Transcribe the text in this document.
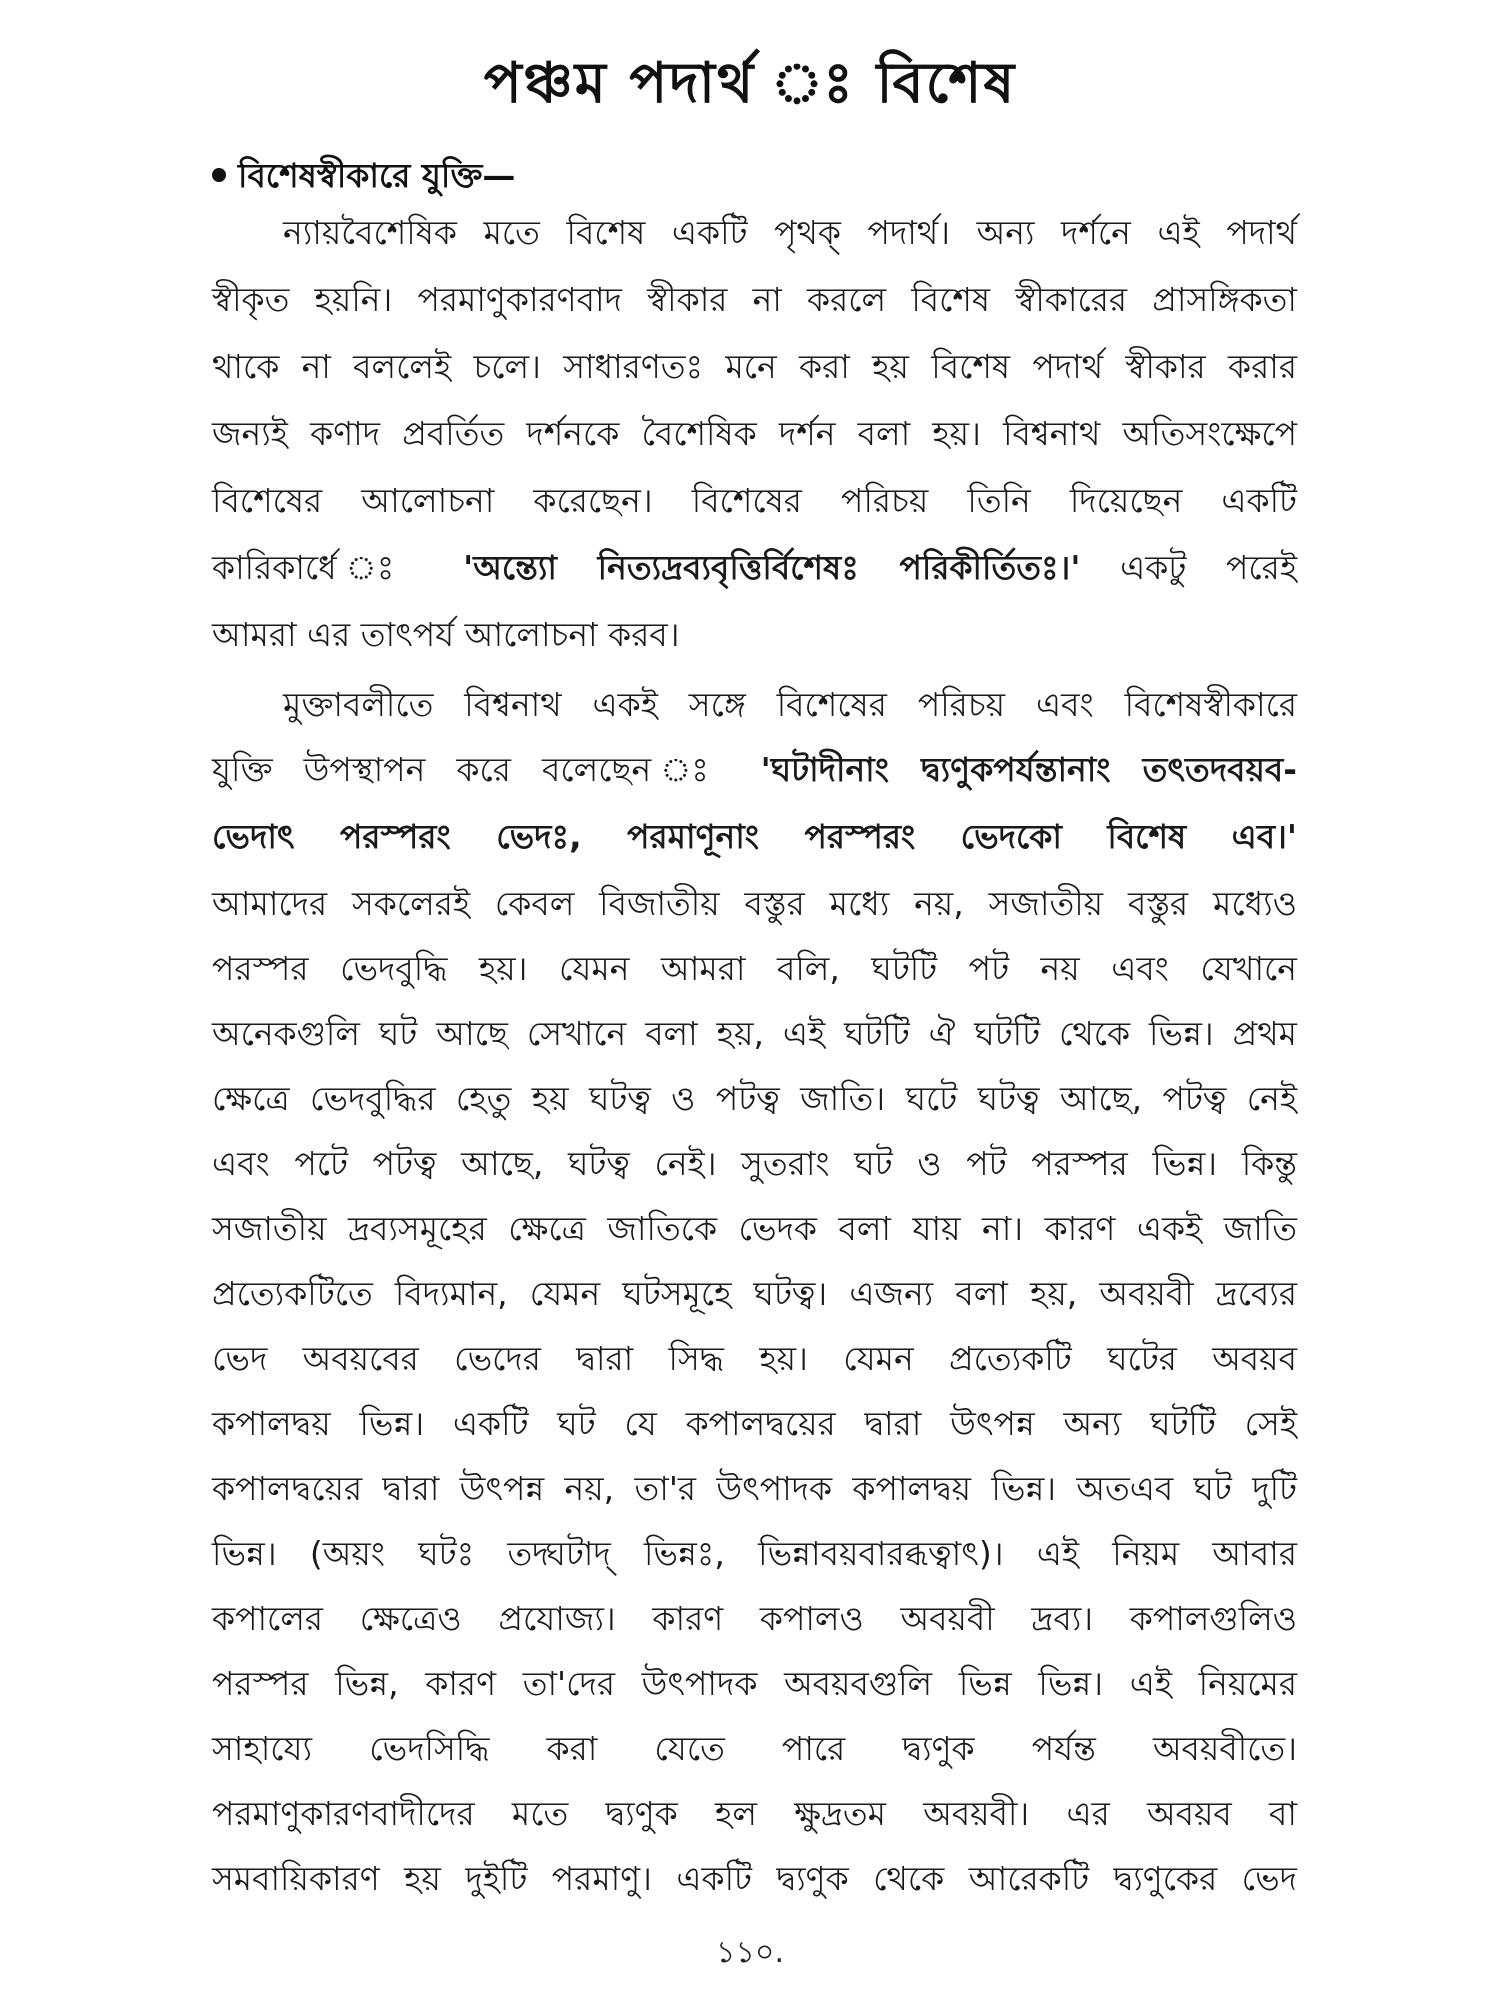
পঞ্চম পদার্থ ঃ বিশেষ
বিশেষস্বীকারে যুক্তি—
ন্যায়বৈশেষিক মতে বিশেষ একটি পৃথক্ পদার্থ। অন্য দর্শনে এই পদার্থ
স্বীকৃত হয়নি। পরমাণুকারণবাদ স্বীকার না করলে বিশেষ স্বীকারের প্রাসঙ্গিকতা
থাকে না বললেই চলে। সাধারণতঃ মনে করা হয় বিশেষ পদার্থ স্বীকার করার
জন্যই কণাদ প্রবর্তিত দর্শনকে বৈশেষিক দর্শন বলা হয়। বিশ্বনাথ অতিসংক্ষেপে
বিশেষের আলোচনা করেছেন। বিশেষের পরিচয় তিনি দিয়েছেন একটি
কারিকার্ধে ঃ 'অন্ত্যো নিত্যদ্রব্যবৃত্তির্বিশেষঃ পরিকীর্তিতঃ।' একটু পরেই
আমরা এর তাৎপর্য আলোচনা করব।
মুক্তাবলীতে বিশ্বনাথ একই সঙ্গে বিশেষের পরিচয় এবং বিশেষস্বীকারে
যুক্তি উপস্থাপন করে বলেছেন ঃ 'ঘটাদীনাং দ্ব্যণুকপর্যন্তানাং তৎতদবয়ব-
ভেদাৎ পরস্পরং ভেদঃ, পরমাণূনাং পরস্পরং ভেদকো বিশেষ এব।'
আমাদের সকলেরই কেবল বিজাতীয় বস্তুর মধ্যে নয়, সজাতীয় বস্তুর মধ্যেও
পরস্পর ভেদবুদ্ধি হয়। যেমন আমরা বলি, ঘটটি পট নয় এবং যেখানে
অনেকগুলি ঘট আছে সেখানে বলা হয়, এই ঘটটি ঐ ঘটটি থেকে ভিন্ন। প্রথম
ক্ষেত্রে ভেদবুদ্ধির হেতু হয় ঘটত্ব ও পটত্ব জাতি। ঘটে ঘটত্ব আছে, পটত্ব নেই
এবং পটে পটত্ব আছে, ঘটত্ব নেই। সুতরাং ঘট ও পট পরস্পর ভিন্ন। কিন্তু
সজাতীয় দ্রব্যসমূহের ক্ষেত্রে জাতিকে ভেদক বলা যায় না। কারণ একই জাতি
প্রত্যেকটিতে বিদ্যমান, যেমন ঘটসমূহে ঘটত্ব। এজন্য বলা হয়, অবয়বী দ্রব্যের
ভেদ অবয়বের ভেদের দ্বারা সিদ্ধ হয়। যেমন প্রত্যেকটি ঘটের অবয়ব
কপালদ্বয় ভিন্ন। একটি ঘট যে কপালদ্বয়ের দ্বারা উৎপন্ন অন্য ঘটটি সেই
কপালদ্বয়ের দ্বারা উৎপন্ন নয়, তা'র উৎপাদক কপালদ্বয় ভিন্ন। অতএব ঘট দুটি
ভিন্ন। (অয়ং ঘটঃ তদ্ঘটাদ্ ভিন্নঃ, ভিন্নাবয়বারব্ধত্বাৎ)। এই নিয়ম আবার
কপালের ক্ষেত্রেও প্রযোজ্য। কারণ কপালও অবয়বী দ্রব্য। কপালগুলিও
পরস্পর ভিন্ন, কারণ তা'দের উৎপাদক অবয়বগুলি ভিন্ন ভিন্ন। এই নিয়মের
সাহায্যে ভেদসিদ্ধি করা যেতে পারে দ্ব্যণুক পর্যন্ত অবয়বীতে।
পরমাণুকারণবাদীদের মতে দ্ব্যণুক হল ক্ষুদ্রতম অবয়বী। এর অবয়ব বা
সমবায়িকারণ হয় দুইটি পরমাণু। একটি দ্ব্যণুক থেকে আরেকটি দ্ব্যণুকের ভেদ
১১০.
